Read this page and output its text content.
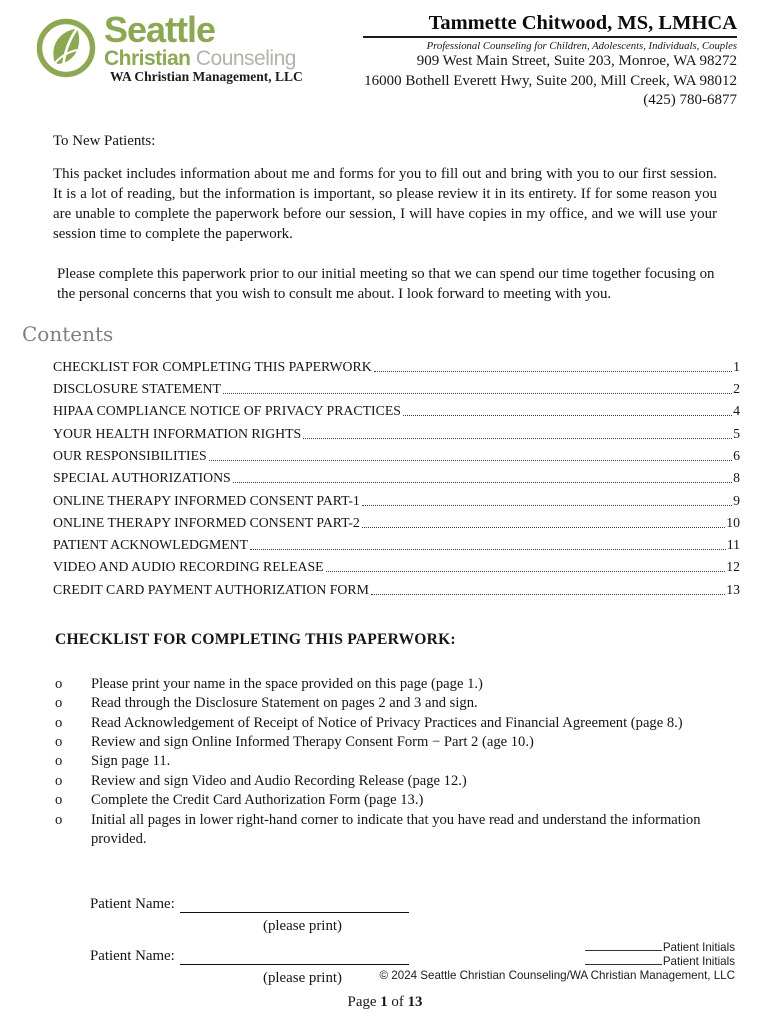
Seattle
Christian Counseling
WA Christian Management, LLC
Tammette Chitwood, MS, LMHCA
Professional Counseling for Children, Adolescents, Individuals, Couples
909 West Main Street, Suite 203, Monroe, WA 98272
16000 Bothell Everett Hwy, Suite 200, Mill Creek, WA 98012
(425) 780-6877
To New Patients:

This packet includes information about me and forms for you to fill out and bring with you to our first session. It is a lot of reading, but the information is important, so please review it in its entirety. If for some reason you are unable to complete the paperwork before our session, I will have copies in my office, and we will use your session time to complete the paperwork.

Please complete this paperwork prior to our initial meeting so that we can spend our time together focusing on the personal concerns that you wish to consult me about. I look forward to meeting with you.

Contents
CHECKLIST FOR COMPLETING THIS PAPERWORK	1
DISCLOSURE STATEMENT	2
HIPAA COMPLIANCE NOTICE OF PRIVACY PRACTICES	4
YOUR HEALTH INFORMATION RIGHTS	5
OUR RESPONSIBILITIES	6
SPECIAL AUTHORIZATIONS	8
ONLINE THERAPY INFORMED CONSENT PART-1	9
ONLINE THERAPY INFORMED CONSENT PART-2	10
PATIENT ACKNOWLEDGMENT	11
VIDEO AND AUDIO RECORDING RELEASE	12
CREDIT CARD PAYMENT AUTHORIZATION FORM	13
CHECKLIST FOR COMPLETING THIS PAPERWORK:
o	Please print your name in the space provided on this page (page 1.)
o	Read through the Disclosure Statement on pages 2 and 3 and sign.
o	Read Acknowledgement of Receipt of Notice of Privacy Practices and Financial Agreement (page 8.)
o	Review and sign Online Informed Therapy Consent Form − Part 2 (age 10.)
o	Sign page 11.
o	Review and sign Video and Audio Recording Release (page 12.)
o	Complete the Credit Card Authorization Form (page 13.)
o	Initial all pages in lower right-hand corner to indicate that you have read and understand the information provided.
Patient Name:
(please print)
Patient Name:
(please print)
Page 1 of 13
Patient Initials
Patient Initials
© 2024 Seattle Christian Counseling/WA Christian Management, LLC
